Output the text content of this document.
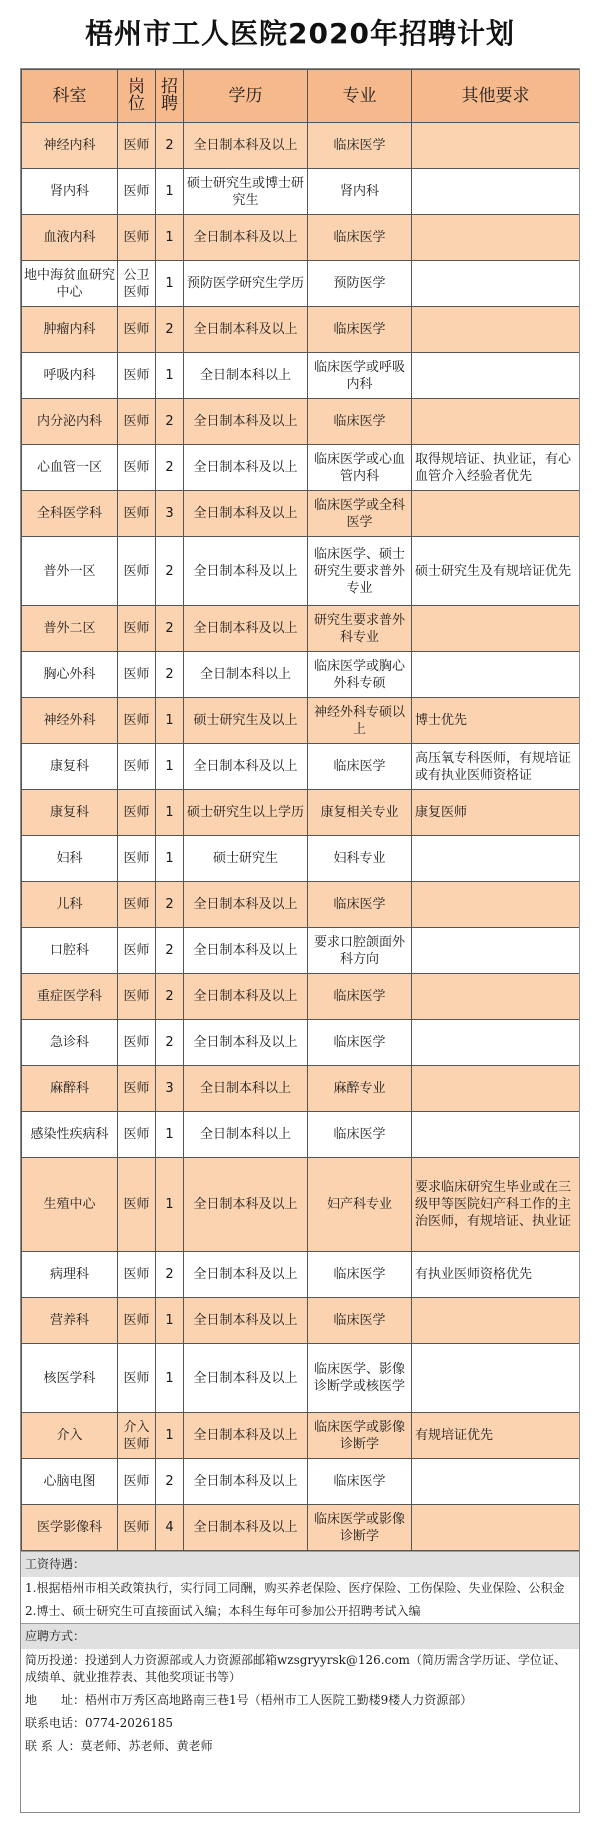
梧州市工人医院2020年招聘计划
科室	岗位	招聘	学历	专业	其他要求
神经内科	医师	2	全日制本科及以上	临床医学	
肾内科	医师	1	硕士研究生或博士研究生	肾内科	
血液内科	医师	1	全日制本科及以上	临床医学	
地中海贫血研究中心	公卫医师	1	预防医学研究生学历	预防医学	
肿瘤内科	医师	2	全日制本科及以上	临床医学	
呼吸内科	医师	1	全日制本科以上	临床医学或呼吸内科	
内分泌内科	医师	2	全日制本科及以上	临床医学	
心血管一区	医师	2	全日制本科及以上	临床医学或心血管内科	取得规培证、执业证，有心血管介入经验者优先
全科医学科	医师	3	全日制本科及以上	临床医学或全科医学	
普外一区	医师	2	全日制本科及以上	临床医学、硕士研究生要求普外专业	硕士研究生及有规培证优先
普外二区	医师	2	全日制本科及以上	研究生要求普外科专业	
胸心外科	医师	2	全日制本科以上	临床医学或胸心外科专硕	
神经外科	医师	1	硕士研究生及以上	神经外科专硕以上	博士优先
康复科	医师	1	全日制本科及以上	临床医学	高压氧专科医师，有规培证或有执业医师资格证
康复科	医师	1	硕士研究生以上学历	康复相关专业	康复医师
妇科	医师	1	硕士研究生	妇科专业	
儿科	医师	2	全日制本科及以上	临床医学	
口腔科	医师	2	全日制本科及以上	要求口腔颌面外科方向	
重症医学科	医师	2	全日制本科及以上	临床医学	
急诊科	医师	2	全日制本科及以上	临床医学	
麻醉科	医师	3	全日制本科以上	麻醉专业	
感染性疾病科	医师	1	全日制本科以上	临床医学	
生殖中心	医师	1	全日制本科及以上	妇产科专业	要求临床研究生毕业或在三级甲等医院妇产科工作的主治医师，有规培证、执业证
病理科	医师	2	全日制本科及以上	临床医学	有执业医师资格优先
营养科	医师	1	全日制本科及以上	临床医学	
核医学科	医师	1	全日制本科及以上	临床医学、影像诊断学或核医学	
介入	介入医师	1	全日制本科及以上	临床医学或影像诊断学	有规培证优先
心脑电图	医师	2	全日制本科及以上	临床医学	
医学影像科	医师	4	全日制本科及以上	临床医学或影像诊断学	
工资待遇：
1.根据梧州市相关政策执行，实行同工同酬，购买养老保险、医疗保险、工伤保险、失业保险、公积金
2.博士、硕士研究生可直接面试入编；本科生每年可参加公开招聘考试入编
应聘方式：
简历投递：投递到人力资源部或人力资源部邮箱wzsgryyrsk@126.com（简历需含学历证、学位证、成绩单、就业推荐表、其他奖项证书等）
地　　址：梧州市万秀区高地路南三巷1号（梧州市工人医院工勤楼9楼人力资源部）
联系电话：0774-2026185
联 系 人：莫老师、苏老师、黄老师
